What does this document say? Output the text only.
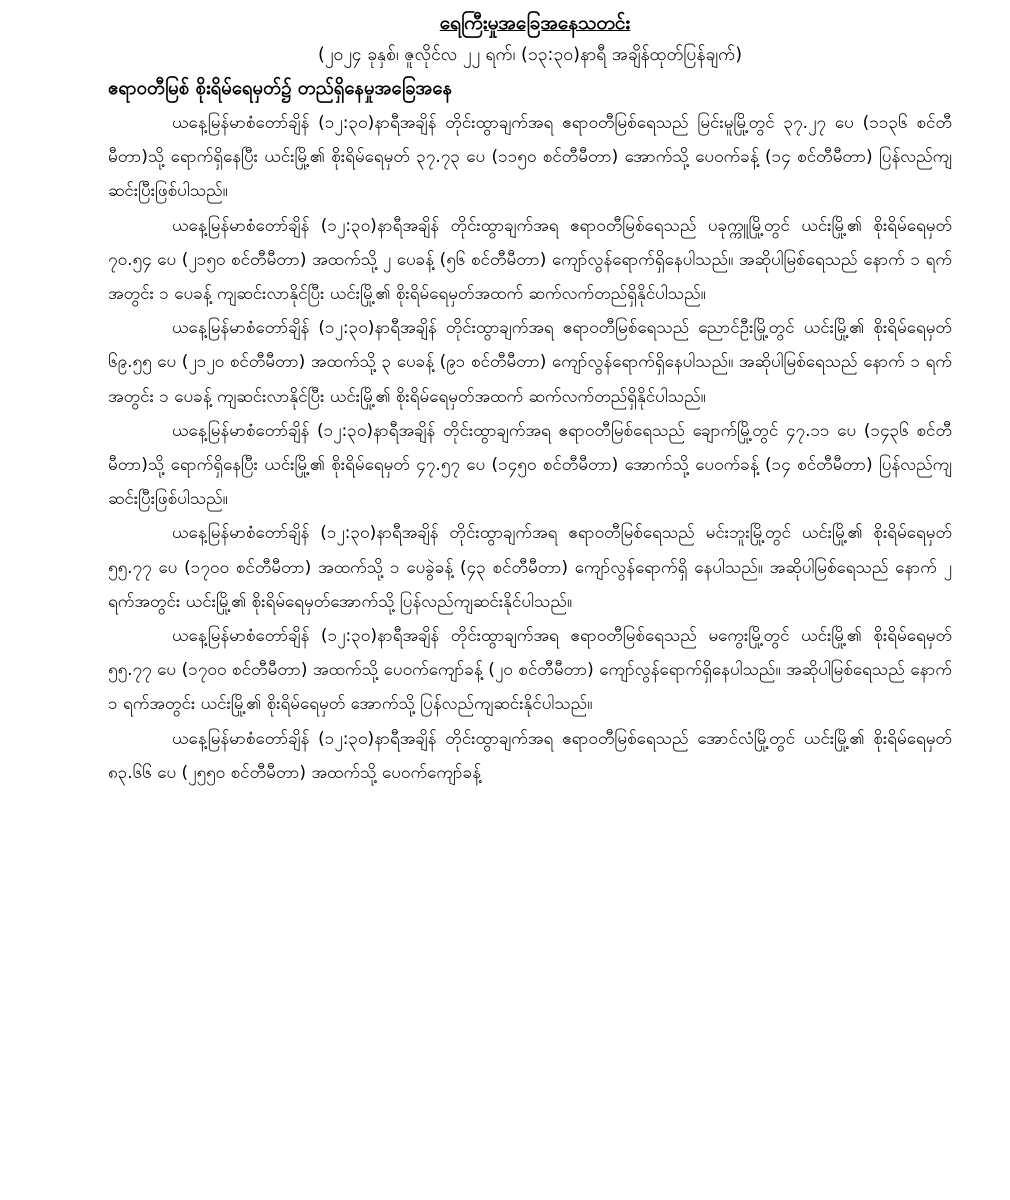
ရေကြီးမှုအခြေအနေသတင်း

(၂၀၂၄ ခုနှစ်၊ ဇူလိုင်လ ၂၂ ရက်၊ (၁၃:၃၀)နာရီ အချိန်ထုတ်ပြန်ချက်)

ဧရာဝတီမြစ် စိုးရိမ်ရေမှတ်၌ တည်ရှိနေမှုအခြေအနေ

ယနေ့မြန်မာစံတော်ချိန် (၁၂:၃၀)နာရီအချိန် တိုင်းထွာချက်အရ ဧရာဝတီမြစ်ရေသည် မြင်းမူမြို့တွင် ၃၇.၂၇ ပေ (၁၁၃၆ စင်တီမီတာ)သို့ ရောက်ရှိနေပြီး ယင်းမြို့၏ စိုးရိမ်ရေမှတ် ၃၇.၇၃ ပေ (၁၁၅၀ စင်တီမီတာ) အောက်သို့ ပေ၀က်ခန့် (၁၄ စင်တီမီတာ) ပြန်လည်ကျဆင်းပြီးဖြစ်ပါသည်။

ယနေ့မြန်မာစံတော်ချိန် (၁၂:၃၀)နာရီအချိန် တိုင်းထွာချက်အရ ဧရာဝတီမြစ်ရေသည် ပခုက္ကူမြို့တွင် ယင်းမြို့၏ စိုးရိမ်ရေမှတ် ၇၀.၅၄ ပေ (၂၁၅၀ စင်တီမီတာ) အထက်သို့ ၂ ပေခန့် (၅၆ စင်တီမီတာ) ကျော်လွန်ရောက်ရှိနေပါသည်။ အဆိုပါမြစ်ရေသည် နောက် ၁ ရက်အတွင်း ၁ ပေခန့် ကျဆင်းလာနိုင်ပြီး ယင်းမြို့၏ စိုးရိမ်ရေမှတ်အထက် ဆက်လက်တည်ရှိနိုင်ပါသည်။

ယနေ့မြန်မာစံတော်ချိန် (၁၂:၃၀)နာရီအချိန် တိုင်းထွာချက်အရ ဧရာဝတီမြစ်ရေသည် ညောင်ဦးမြို့တွင် ယင်းမြို့၏ စိုးရိမ်ရေမှတ် ၆၉.၅၅ ပေ (၂၁၂၀ စင်တီမီတာ) အထက်သို့ ၃ ပေခန့် (၉၁ စင်တီမီတာ) ကျော်လွန်ရောက်ရှိနေပါသည်။ အဆိုပါမြစ်ရေသည် နောက် ၁ ရက်အတွင်း ၁ ပေခန့် ကျဆင်းလာနိုင်ပြီး ယင်းမြို့၏ စိုးရိမ်ရေမှတ်အထက် ဆက်လက်တည်ရှိနိုင်ပါသည်။

ယနေ့မြန်မာစံတော်ချိန် (၁၂:၃၀)နာရီအချိန် တိုင်းထွာချက်အရ ဧရာဝတီမြစ်ရေသည် ချောက်မြို့တွင် ၄၇.၁၁ ပေ (၁၄၃၆ စင်တီမီတာ)သို့ ရောက်ရှိနေပြီး ယင်းမြို့၏ စိုးရိမ်ရေမှတ် ၄၇.၅၇ ပေ (၁၄၅၀ စင်တီမီတာ) အောက်သို့ ပေ၀က်ခန့် (၁၄ စင်တီမီတာ) ပြန်လည်ကျဆင်းပြီးဖြစ်ပါသည်။

ယနေ့မြန်မာစံတော်ချိန် (၁၂:၃၀)နာရီအချိန် တိုင်းထွာချက်အရ ဧရာဝတီမြစ်ရေသည် မင်းဘူးမြို့တွင် ယင်းမြို့၏ စိုးရိမ်ရေမှတ် ၅၅.၇၇ ပေ (၁၇၀၀ စင်တီမီတာ) အထက်သို့ ၁ ပေခွဲခန့် (၄၃ စင်တီမီတာ) ကျော်လွန်ရောက်ရှိ နေပါသည်။ အဆိုပါမြစ်ရေသည် နောက် ၂ ရက်အတွင်း ယင်းမြို့၏ စိုးရိမ်ရေမှတ်အောက်သို့ ပြန်လည်ကျဆင်းနိုင်ပါသည်။

ယနေ့မြန်မာစံတော်ချိန် (၁၂:၃၀)နာရီအချိန် တိုင်းထွာချက်အရ ဧရာဝတီမြစ်ရေသည် မကွေးမြို့တွင် ယင်းမြို့၏ စိုးရိမ်ရေမှတ် ၅၅.၇၇ ပေ (၁၇၀၀ စင်တီမီတာ) အထက်သို့ ပေ၀က်ကျော်ခန့် (၂၀ စင်တီမီတာ) ကျော်လွန်ရောက်ရှိနေပါသည်။ အဆိုပါမြစ်ရေသည် နောက် ၁ ရက်အတွင်း ယင်းမြို့၏ စိုးရိမ်ရေမှတ် အောက်သို့ ပြန်လည်ကျဆင်းနိုင်ပါသည်။

ယနေ့မြန်မာစံတော်ချိန် (၁၂:၃၀)နာရီအချိန် တိုင်းထွာချက်အရ ဧရာဝတီမြစ်ရေသည် အောင်လံမြို့တွင် ယင်းမြို့၏ စိုးရိမ်ရေမှတ် ၈၃.၆၆ ပေ (၂၅၅၀ စင်တီမီတာ) အထက်သို့ ပေ၀က်ကျော်ခန့်
